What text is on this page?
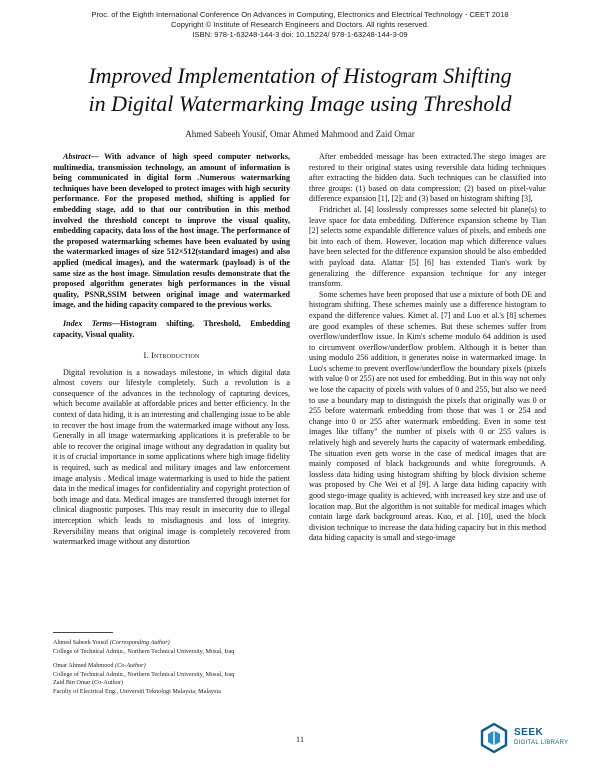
Proc. of the Eighth International Conference On Advances in Computing, Electronics and Electrical Technology - CEET 2018
Copyright © Institute of Research Engineers and Doctors. All rights reserved.
ISBN: 978-1-63248-144-3 doi: 10.15224/ 978-1-63248-144-3-09
Improved Implementation of Histogram Shifting
in Digital Watermarking Image using Threshold
Ahmed Sabeeh Yousif, Omar Ahmed Mahmood and Zaid Omar

Abstract— With advance of high speed computer networks, multimedia, transmission technology, an amount of information is being communicated in digital form .Numerous watermarking techniques have been developed to protect images with high security performance. For the proposed method, shifting is applied for embedding stage, add to that our contribution in this method involved the threshold concept to improve the visual quality, embedding capacity, data loss of the host image. The performance of the proposed watermarking schemes have been evaluated by using the watermarked images of size 512×512(standard images) and also applied (medical images), and the watermark (payload) is of the same size as the host image. Simulation results demonstrate that the proposed algorithm generates high performances in the visual quality, PSNR,SSIM between original image and watermarked image, and the hiding capacity compared to the previous works.

Index Terms—Histogram shifting, Threshold, Embedding capacity, Visual quality.

I. Introduction

Digital revolution is a nowadays milestone, in which digital data almost covers our lifestyle completely. Such a revolution is a consequence of the advances in the technology of capturing devices, which become available at affordable prices and better efficiency. In the context of data hiding, it is an interesting and challenging issue to be able to recover the host image from the watermarked image without any loss. Generally in all image watermarking applications it is preferable to be able to recover the original image without any degradation in quality but it is of crucial importance in some applications where high image fidelity is required, such as medical and military images and law enforcement image analysis . Medical image watermarking is used to hide the patient data in the medical images for confidentiality and copyright protection of both image and data. Medical images are transferred through internet for clinical diagnostic purposes. This may result in insecurity due to illegal interception which leads to misdiagnosis and loss of integrity. Reversibility means that original image is completely recovered from watermarked image without any distortion

After embedded message has been extracted.The stego images are restored to their original states using reversible data hiding techniques after extracting the hidden data. Such techniques can be classified into three groups: (1) based on data compression; (2) based on pixel-value difference expansion [1], [2]; and (3) based on histogram shifting [3],

Fridrichet al. [4] losslessly compresses some selected bit plane(s) to leave space for data embedding. Difference expansion scheme by Tian [2] selects some expandable difference values of pixels, and embeds one bit into each of them. However, location map which difference values have been selected for the difference expansion should be also embedded with payload data. Alattar [5] [6] has extended Tian's work by generalizing the difference expansion technique for any integer transform.

Some schemes have been proposed that use a mixture of both DE and histogram shifting. These schemes mainly use a difference histogram to expand the difference values. Kimet al. [7] and Luo et al.'s [8] schemes are good examples of these schemes. But these schemes suffer from overflow/underflow issue. In Kim's scheme modulo 64 addition is used to circumvent overflow/underflow problem. Although it is better than using modulo 256 addition, it generates noise in watermarked image. In Luo's scheme to prevent overflow/underflow the boundary pixels (pixels with value 0 or 255) are not used for embedding. But in this way not only we lose the capacity of pixels with values of 0 and 255, but also we need to use a boundary map to distinguish the pixels that originally was 0 or 255 before watermark embedding from those that was 1 or 254 and change into 0 or 255 after watermark embedding. Even in some test images like tiffany" the number of pixels with 0 or 255 values is relatively high and severely hurts the capacity of watermark embedding. The situation even gets worse in the case of medical images that are mainly composed of black backgrounds and white foregrounds. A lossless data hiding using histogram shifting by block division scheme was proposed by Che Wei et al [9]. A large data hiding capacity with good stego-image quality is achieved, with increased key size and use of location map. But the algorithm is not suitable for medical images which contain large dark background areas. Kuo, et al. [10], used the block division technique to increase the data hiding capacity but in this method data hiding capacity is small and stego-image

Ahmed Sabeeh Yousif (Corresponding Author)
College of Technical Admin., Northern Technical University, Mosul, Iraq
Omar Ahmed Mahmood (Co-Author)
College of Technical Admin., Northern Technical University, Mosul, Iraq
Zaid Bin Omar (Co-Author)
Faculty of Electrical Eng., Universiti Teknologi Malaysia, Malaysia
11
SEEK
DIGITAL LIBRARY
